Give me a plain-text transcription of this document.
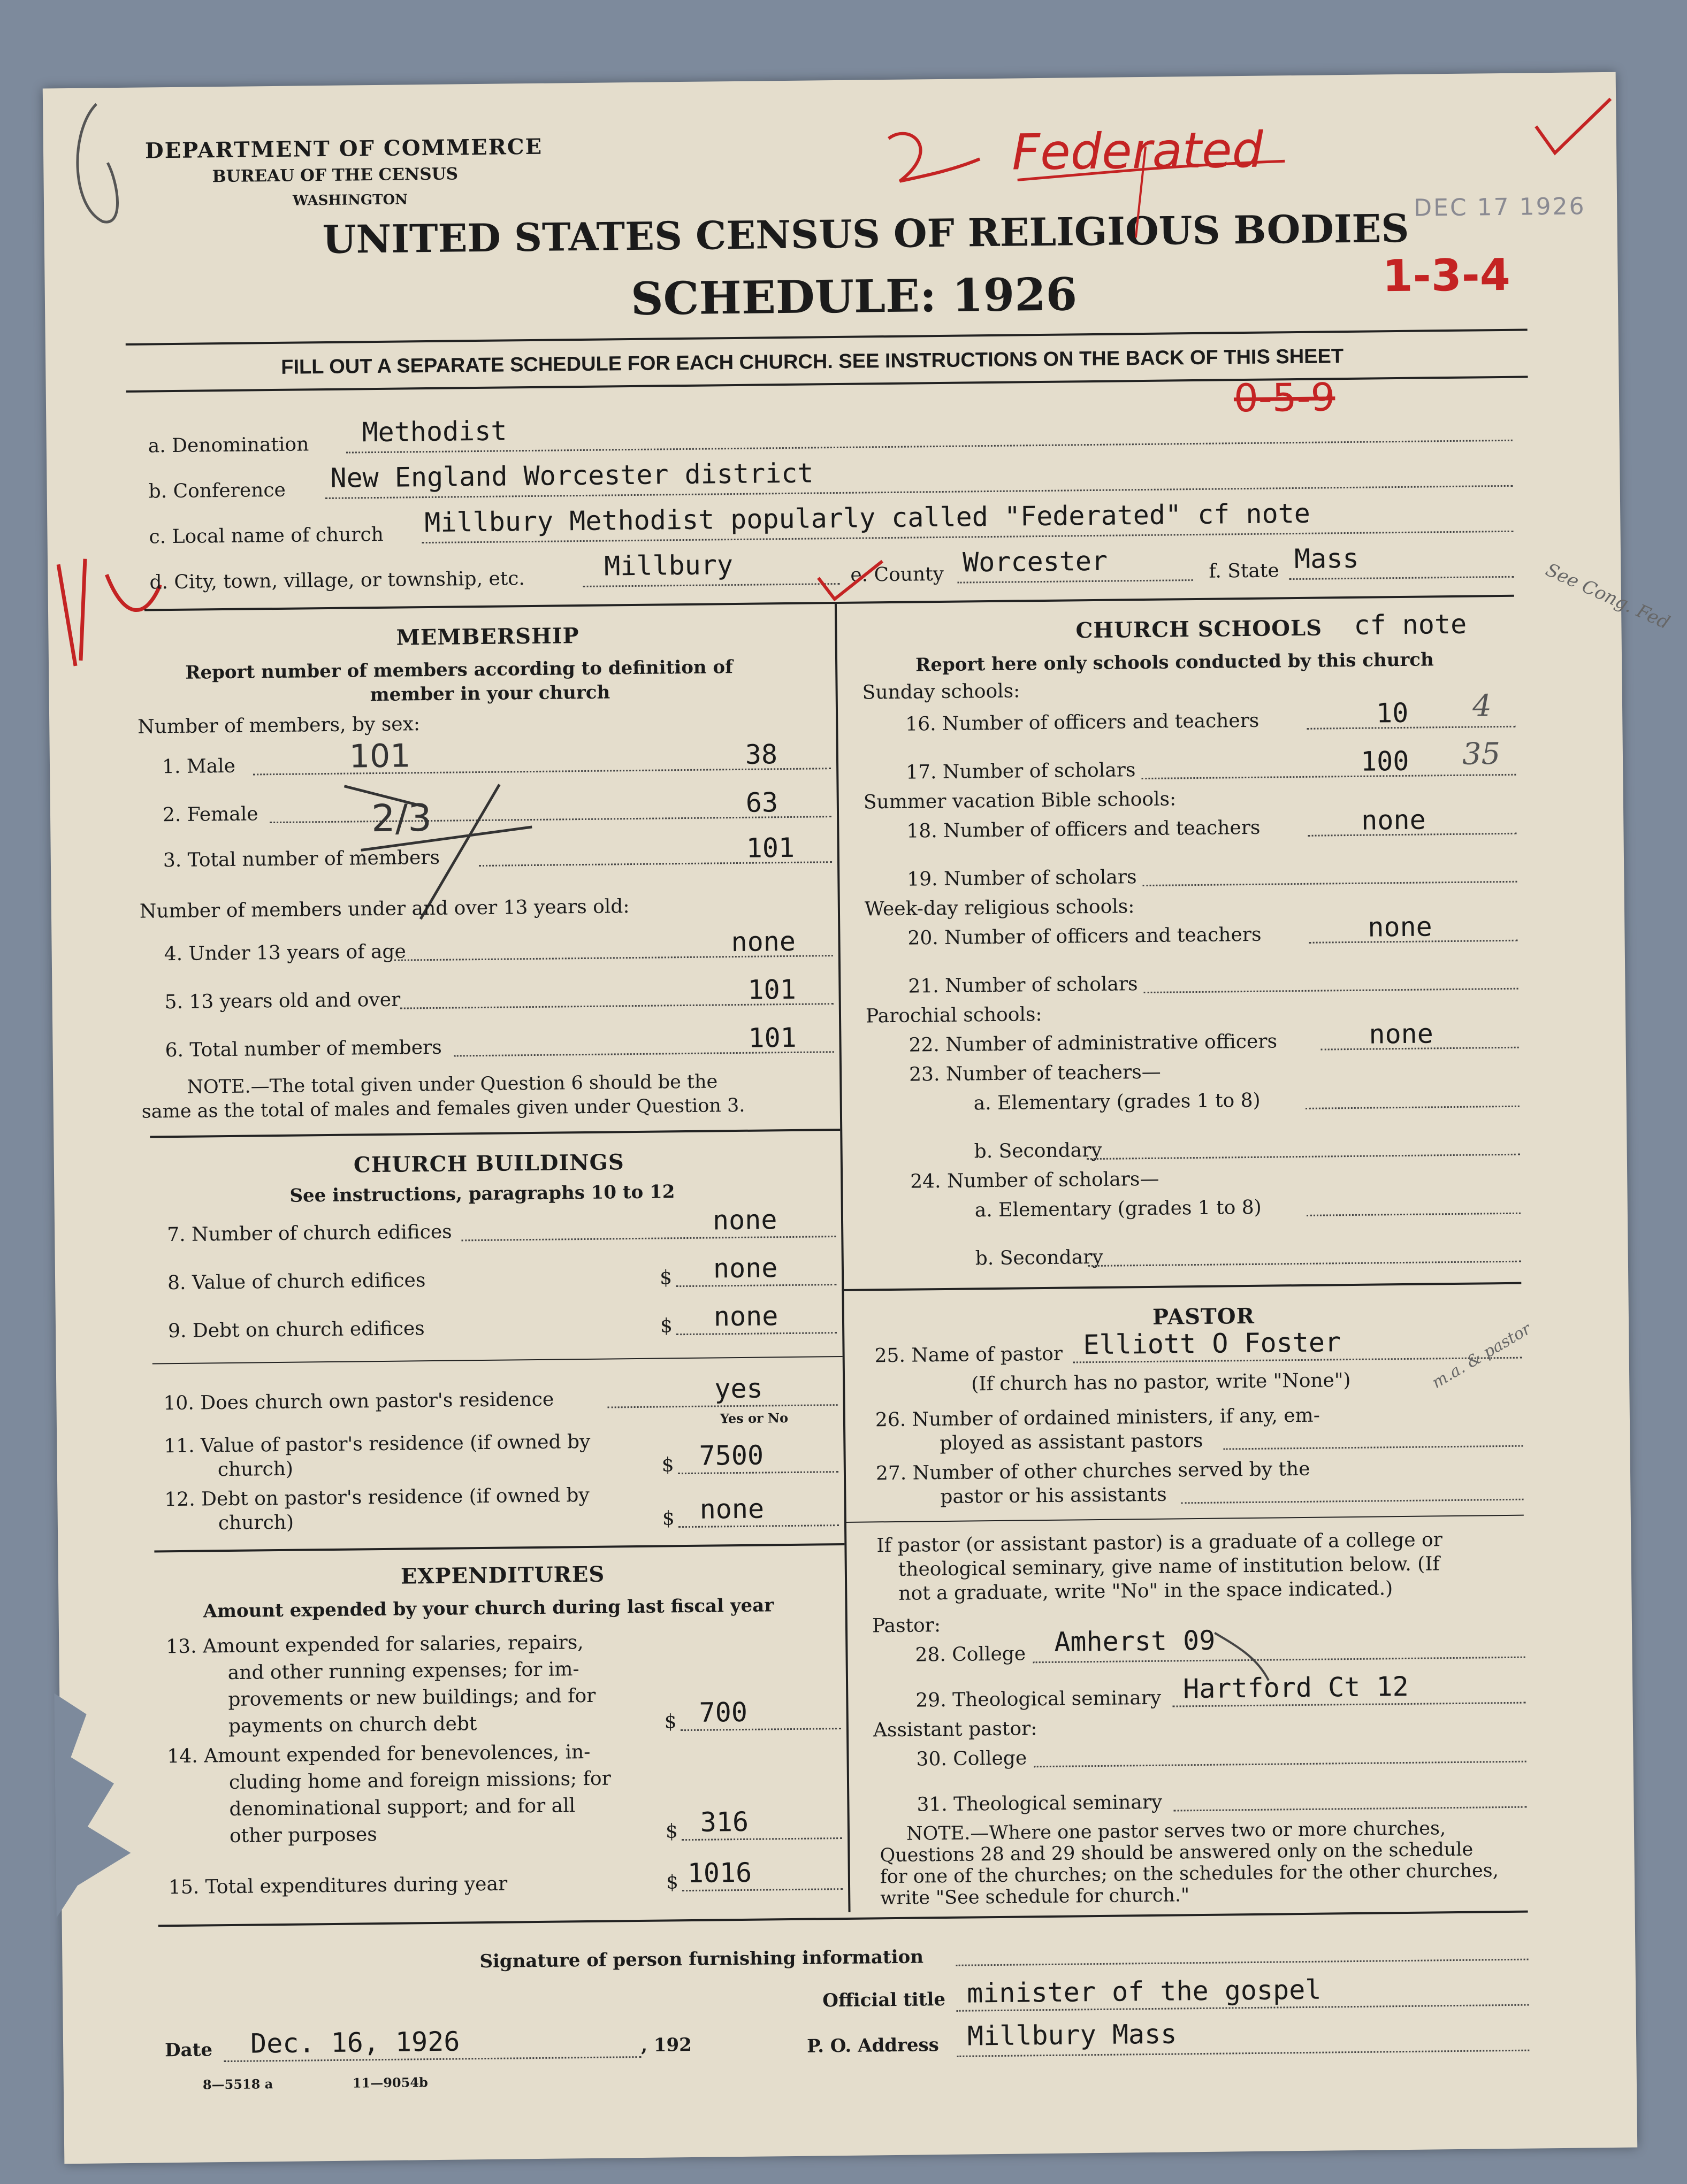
DEPARTMENT OF COMMERCE
BUREAU OF THE CENSUS
WASHINGTON
UNITED STATES CENSUS OF RELIGIOUS BODIES
SCHEDULE: 1926
DEC 17 1926
Federated
1-3-4
0-5-9
FILL OUT A SEPARATE SCHEDULE FOR EACH CHURCH. SEE INSTRUCTIONS ON THE BACK OF THIS SHEET
a. Denomination Methodist
b. Conference New England Worcester district
c. Local name of church Millbury Methodist popularly called "Federated" cf note
d. City, town, village, or township, etc.	Millbury	e. County Worcester	f. State Mass
MEMBERSHIP
Report number of members according to definition of
member in your church
Number of members, by sex:
1. Male	38
2. Female	63
3. Total number of members	101
101
2/3
Number of members under and over 13 years old:
4. Under 13 years of age	none
5. 13 years old and over	101
6. Total number of members	101
NOTE.—The total given under Question 6 should be the
same as the total of males and females given under Question 3.
CHURCH BUILDINGS
See instructions, paragraphs 10 to 12
7. Number of church edifices	none
8. Value of church edifices	$ none
9. Debt on church edifices	$ none
10. Does church own pastor's residence	yes
Yes or No
11. Value of pastor's residence (if owned by
church)	$ 7500
12. Debt on pastor's residence (if owned by
church)	$ none
EXPENDITURES
Amount expended by your church during last fiscal year
13. Amount expended for salaries, repairs,
and other running expenses; for im-
provements or new buildings; and for
payments on church debt	$ 700
14. Amount expended for benevolences, in-
cluding home and foreign missions; for
denominational support; and for all
other purposes	$ 316
15. Total expenditures during year	$ 1016
CHURCH SCHOOLS cf note	See Cong. Fed
Report here only schools conducted by this church
Sunday schools:
16. Number of officers and teachers	10 4
17. Number of scholars	100 35
Summer vacation Bible schools:
18. Number of officers and teachers	none
19. Number of scholars
Week-day religious schools:
20. Number of officers and teachers	none
21. Number of scholars
Parochial schools:
22. Number of administrative officers	none
23. Number of teachers—
a. Elementary (grades 1 to 8)
b. Secondary
24. Number of scholars—
a. Elementary (grades 1 to 8)
b. Secondary
PASTOR
25. Name of pastor Elliott O Foster	m.a. & pastor
(If church has no pastor, write "None")
26. Number of ordained ministers, if any, em-
ployed as assistant pastors
27. Number of other churches served by the
pastor or his assistants
If pastor (or assistant pastor) is a graduate of a college or
theological seminary, give name of institution below. (If
not a graduate, write "No" in the space indicated.)
Pastor:
28. College Amherst 09
29. Theological seminary Hartford Ct 12
Assistant pastor:
30. College
31. Theological seminary
NOTE.—Where one pastor serves two or more churches,
Questions 28 and 29 should be answered only on the schedule
for one of the churches; on the schedules for the other churches,
write "See schedule for church."
Signature of person furnishing information
Official title minister of the gospel
Date Dec. 16, 1926	, 192	P. O. Address Millbury Mass
8—5518 a	11—9054b
